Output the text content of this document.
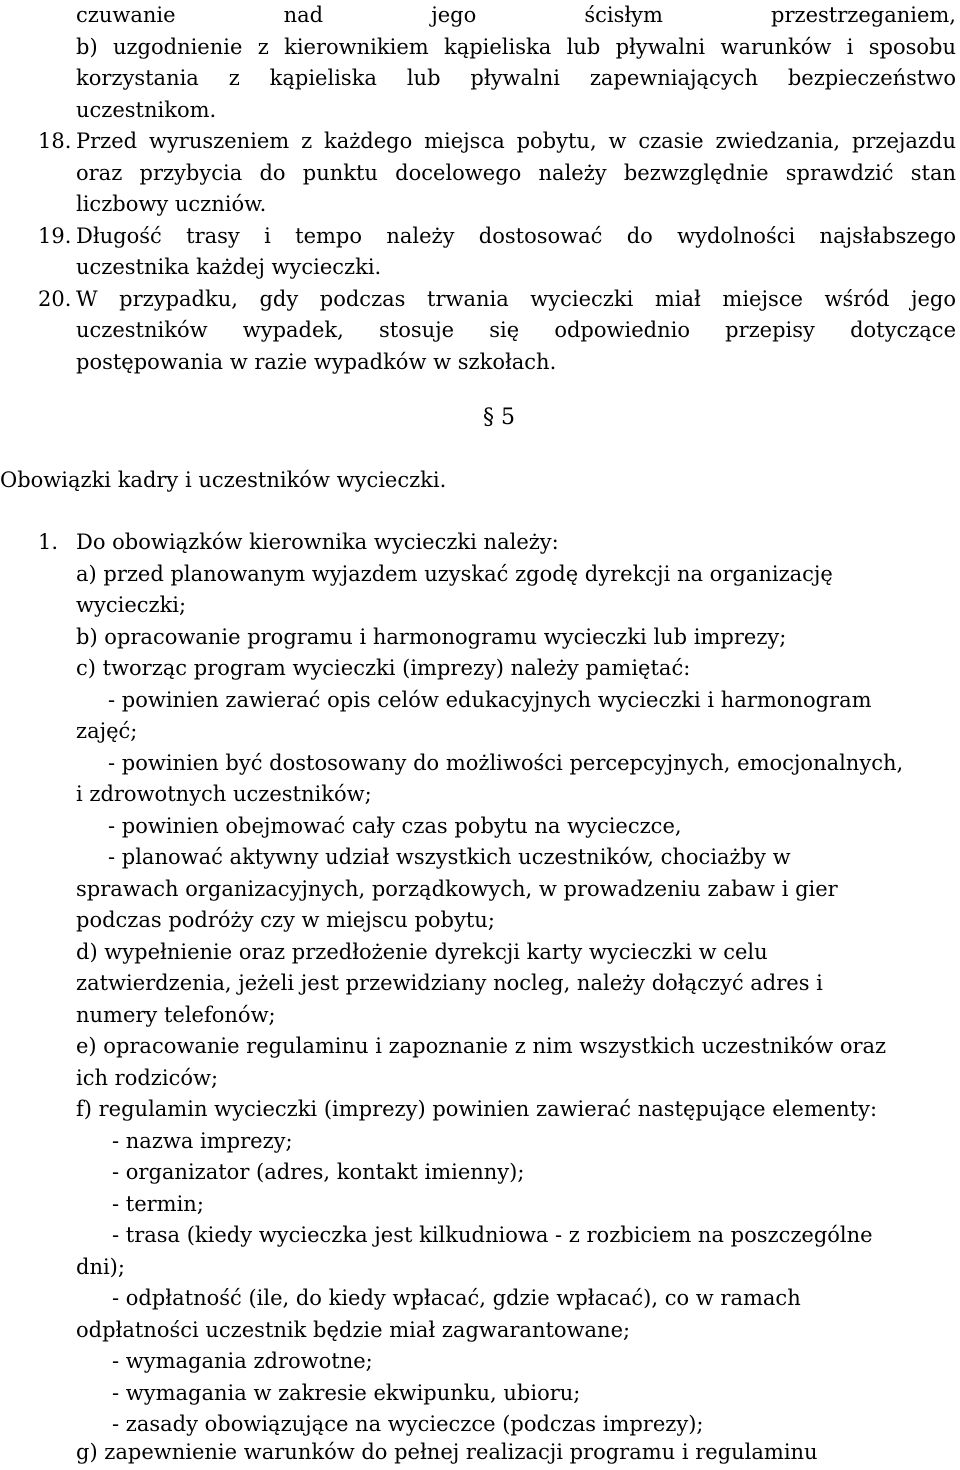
czuwanie nad jego ścisłym przestrzeganiem,
b) uzgodnienie z kierownikiem kąpieliska lub pływalni warunków i sposobu
korzystania z kąpieliska lub pływalni zapewniających bezpieczeństwo
uczestnikom.
18. Przed wyruszeniem z każdego miejsca pobytu, w czasie zwiedzania, przejazdu
oraz przybycia do punktu docelowego należy bezwzględnie sprawdzić stan
liczbowy uczniów.
19. Długość trasy i tempo należy dostosować do wydolności najsłabszego
uczestnika każdej wycieczki.
20. W przypadku, gdy podczas trwania wycieczki miał miejsce wśród jego
uczestników wypadek, stosuje się odpowiednio przepisy dotyczące
postępowania w razie wypadków w szkołach.
§ 5
Obowiązki kadry i uczestników wycieczki.
1. Do obowiązków kierownika wycieczki należy:
a) przed planowanym wyjazdem uzyskać zgodę dyrekcji na organizację
wycieczki;
b) opracowanie programu i harmonogramu wycieczki lub imprezy;
c) tworząc program wycieczki (imprezy) należy pamiętać:
- powinien zawierać opis celów edukacyjnych wycieczki i harmonogram
zajęć;
- powinien być dostosowany do możliwości percepcyjnych, emocjonalnych,
i zdrowotnych uczestników;
- powinien obejmować cały czas pobytu na wycieczce,
- planować aktywny udział wszystkich uczestników, chociażby w
sprawach organizacyjnych, porządkowych, w prowadzeniu zabaw i gier
podczas podróży czy w miejscu pobytu;
d) wypełnienie oraz przedłożenie dyrekcji karty wycieczki w celu
zatwierdzenia, jeżeli jest przewidziany nocleg, należy dołączyć adres i
numery telefonów;
e) opracowanie regulaminu i zapoznanie z nim wszystkich uczestników oraz
ich rodziców;
f) regulamin wycieczki (imprezy) powinien zawierać następujące elementy:
- nazwa imprezy;
- organizator (adres, kontakt imienny);
- termin;
- trasa (kiedy wycieczka jest kilkudniowa - z rozbiciem na poszczególne
dni);
- odpłatność (ile, do kiedy wpłacać, gdzie wpłacać), co w ramach
odpłatności uczestnik będzie miał zagwarantowane;
- wymagania zdrowotne;
- wymagania w zakresie ekwipunku, ubioru;
- zasady obowiązujące na wycieczce (podczas imprezy);
g) zapewnienie warunków do pełnej realizacji programu i regulaminu
